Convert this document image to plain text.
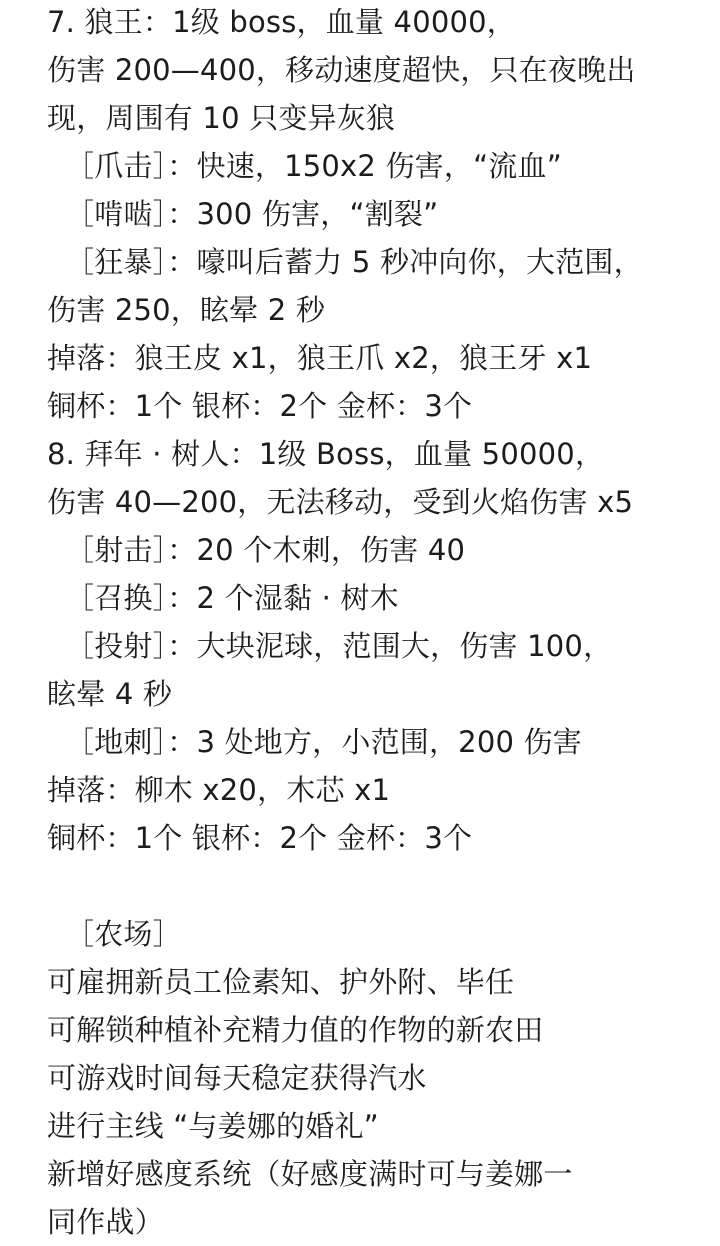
7. 狼王：1级 boss，血量 40000，
伤害 200—400，移动速度超快，只在夜晚出
现，周围有 10 只变异灰狼
［爪击］：快速，150x2 伤害，“流血”
［啃啮］：300 伤害，“割裂”
［狂暴］：嚎叫后蓄力 5 秒冲向你，大范围，
伤害 250，眩晕 2 秒
掉落：狼王皮 x1，狼王爪 x2，狼王牙 x1
铜杯：1个 银杯：2个 金杯：3个
8. 拜年 · 树人：1级 Boss，血量 50000，
伤害 40—200，无法移动，受到火焰伤害 x5
［射击］：20 个木刺，伤害 40
［召换］：2 个湿黏 · 树木
［投射］：大块泥球，范围大，伤害 100，
眩晕 4 秒
［地刺］：3 处地方，小范围，200 伤害
掉落：柳木 x20，木芯 x1
铜杯：1个 银杯：2个 金杯：3个
［农场］
可雇拥新员工俭素知、护外附、毕任
可解锁种植补充精力值的作物的新农田
可游戏时间每天稳定获得汽水
进行主线 “与姜娜的婚礼”
新增好感度系统（好感度满时可与姜娜一
同作战）
